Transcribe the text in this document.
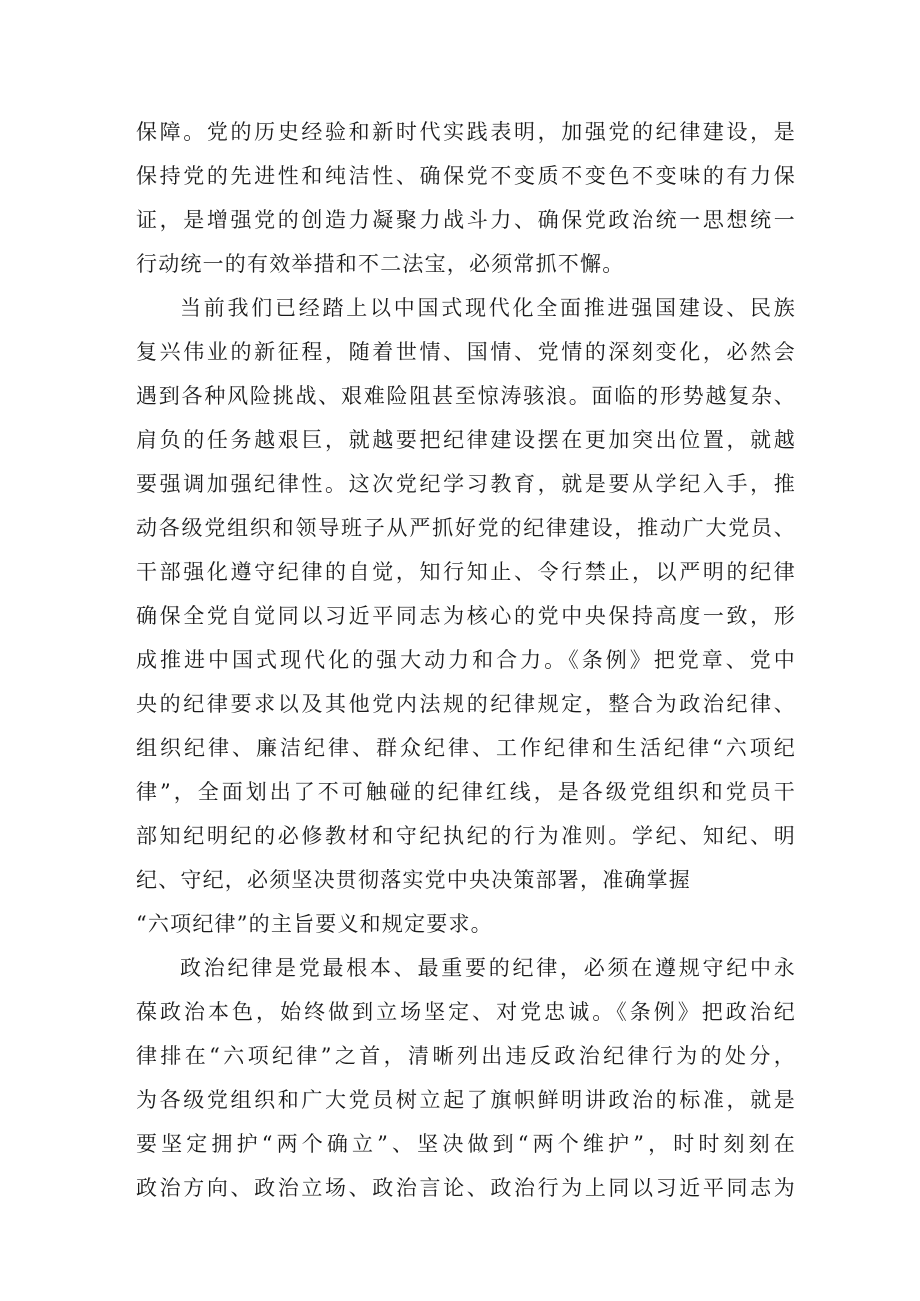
保障。党的历史经验和新时代实践表明，加强党的纪律建设，是
保持党的先进性和纯洁性、确保党不变质不变色不变味的有力保
证，是增强党的创造力凝聚力战斗力、确保党政治统一思想统一
行动统一的有效举措和不二法宝，必须常抓不懈。
当前我们已经踏上以中国式现代化全面推进强国建设、民族
复兴伟业的新征程，随着世情、国情、党情的深刻变化，必然会
遇到各种风险挑战、艰难险阻甚至惊涛骇浪。面临的形势越复杂、
肩负的任务越艰巨，就越要把纪律建设摆在更加突出位置，就越
要强调加强纪律性。这次党纪学习教育，就是要从学纪入手，推
动各级党组织和领导班子从严抓好党的纪律建设，推动广大党员、
干部强化遵守纪律的自觉，知行知止、令行禁止，以严明的纪律
确保全党自觉同以习近平同志为核心的党中央保持高度一致，形
成推进中国式现代化的强大动力和合力。《条例》把党章、党中
央的纪律要求以及其他党内法规的纪律规定，整合为政治纪律、
组织纪律、廉洁纪律、群众纪律、工作纪律和生活纪律“六项纪
律”，全面划出了不可触碰的纪律红线，是各级党组织和党员干
部知纪明纪的必修教材和守纪执纪的行为准则。学纪、知纪、明
纪、守纪，必须坚决贯彻落实党中央决策部署，准确掌握
“六项纪律”的主旨要义和规定要求。
政治纪律是党最根本、最重要的纪律，必须在遵规守纪中永
葆政治本色，始终做到立场坚定、对党忠诚。《条例》把政治纪
律排在“六项纪律”之首，清晰列出违反政治纪律行为的处分，
为各级党组织和广大党员树立起了旗帜鲜明讲政治的标准，就是
要坚定拥护“两个确立”、坚决做到“两个维护”，时时刻刻在
政治方向、政治立场、政治言论、政治行为上同以习近平同志为
